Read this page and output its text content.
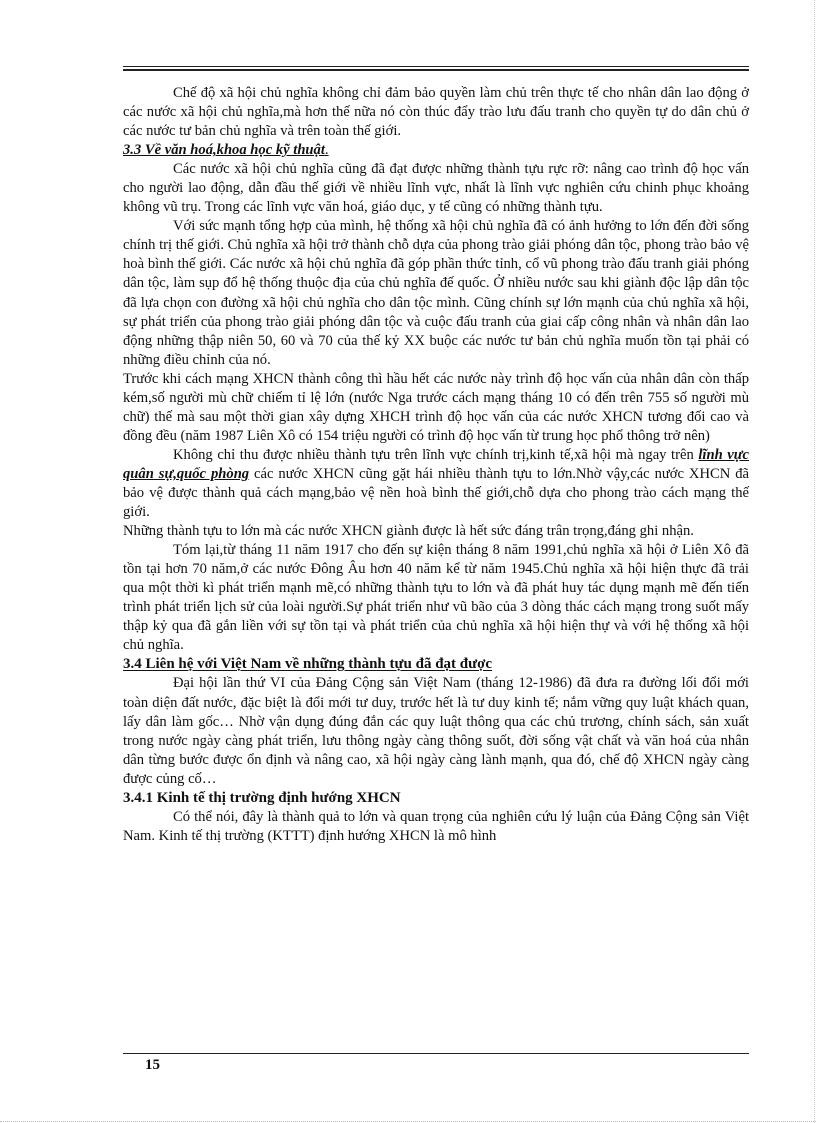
Chế độ xã hội chủ nghĩa không chỉ đảm bảo quyền làm chủ trên thực tế cho nhân dân lao động ở các nước xã hội chủ nghĩa,mà hơn thế nữa nó còn thúc đẩy trào lưu đấu tranh cho quyền tự do dân chủ ở các nước tư bản chủ nghĩa và trên toàn thế giới.

3.3 Về văn hoá,khoa học kỹ thuật.

Các nước xã hội chủ nghĩa cũng đã đạt được những thành tựu rực rỡ: nâng cao trình độ học vấn cho người lao động, dẫn đầu thế giới về nhiều lĩnh vực, nhất là lĩnh vực nghiên cứu chinh phục khoảng không vũ trụ. Trong các lĩnh vực văn hoá, giáo dục, y tế cũng có những thành tựu.

Với sức mạnh tổng hợp của mình, hệ thống xã hội chủ nghĩa đã có ảnh hưởng to lớn đến đời sống chính trị thế giới. Chủ nghĩa xã hội trở thành chỗ dựa của phong trào giải phóng dân tộc, phong trào bảo vệ hoà bình thế giới. Các nước xã hội chủ nghĩa đã góp phần thức tỉnh, cổ vũ phong trào đấu tranh giải phóng dân tộc, làm sụp đổ hệ thống thuộc địa của chủ nghĩa đế quốc. Ở nhiều nước sau khi giành độc lập dân tộc đã lựa chọn con đường xã hội chủ nghĩa cho dân tộc mình. Cũng chính sự lớn mạnh của chủ nghĩa xã hội, sự phát triển của phong trào giải phóng dân tộc và cuộc đấu tranh của giai cấp công nhân và nhân dân lao động những thập niên 50, 60 và 70 của thế kỷ XX buộc các nước tư bản chủ nghĩa muốn tồn tại phải có những điều chỉnh của nó.

Trước khi cách mạng XHCN thành công thì hầu hết các nước này trình độ học vấn của nhân dân còn thấp kém,số người mù chữ chiếm tỉ lệ lớn (nước Nga trước cách mạng tháng 10 có đến trên 755 số người mù chữ) thế mà sau một thời gian xây dựng XHCH trình độ học vấn của các nước XHCN tương đối cao và đồng đều (năm 1987 Liên Xô có 154 triệu người có trình độ học vấn từ trung học phổ thông trở nên)

Không chỉ thu được nhiều thành tựu trên lĩnh vực chính trị,kinh tế,xã hội mà ngay trên lĩnh vực quân sự,quốc phòng các nước XHCN cũng gặt hái nhiều thành tựu to lớn.Nhờ vậy,các nước XHCN đã bảo vệ được thành quả cách mạng,bảo vệ nền hoà bình thế giới,chỗ dựa cho phong trào cách mạng thế giới.

Những thành tựu to lớn mà các nước XHCN giành được là hết sức đáng trân trọng,đáng ghi nhận.

Tóm lại,từ tháng 11 năm 1917 cho đến sự kiện tháng 8 năm 1991,chủ nghĩa xã hội ở Liên Xô đã tồn tại hơn 70 năm,ở các nước Đông Âu hơn 40 năm kể từ năm 1945.Chủ nghĩa xã hội hiện thực đã trải qua một thời kì phát triển mạnh mẽ,có những thành tựu to lớn và đã phát huy tác dụng mạnh mẽ đến tiến trình phát triển lịch sử của loài người.Sự phát triển như vũ bão của 3 dòng thác cách mạng trong suốt mấy thập kỷ qua đã gắn liền với sự tồn tại và phát triển của chủ nghĩa xã hội hiện thự và với hệ thống xã hội chủ nghĩa.

3.4 Liên hệ với Việt Nam về những thành tựu đã đạt được

Đại hội lần thứ VI của Đảng Cộng sản Việt Nam (tháng 12-1986) đã đưa ra đường lối đổi mới toàn diện đất nước, đặc biệt là đổi mới tư duy, trước hết là tư duy kinh tế; nắm vững quy luật khách quan, lấy dân làm gốc… Nhờ vận dụng đúng đắn các quy luật thông qua các chủ trương, chính sách, sản xuất trong nước ngày càng phát triển, lưu thông ngày càng thông suốt, đời sống vật chất và văn hoá của nhân dân từng bước được ổn định và nâng cao, xã hội ngày càng lành mạnh, qua đó, chế độ XHCN ngày càng được củng cố…

3.4.1 Kinh tế thị trường định hướng XHCN

Có thể nói, đây là thành quả to lớn và quan trọng của nghiên cứu lý luận của Đảng Cộng sản Việt Nam. Kinh tế thị trường (KTTT) định hướng XHCN là mô hình

15
